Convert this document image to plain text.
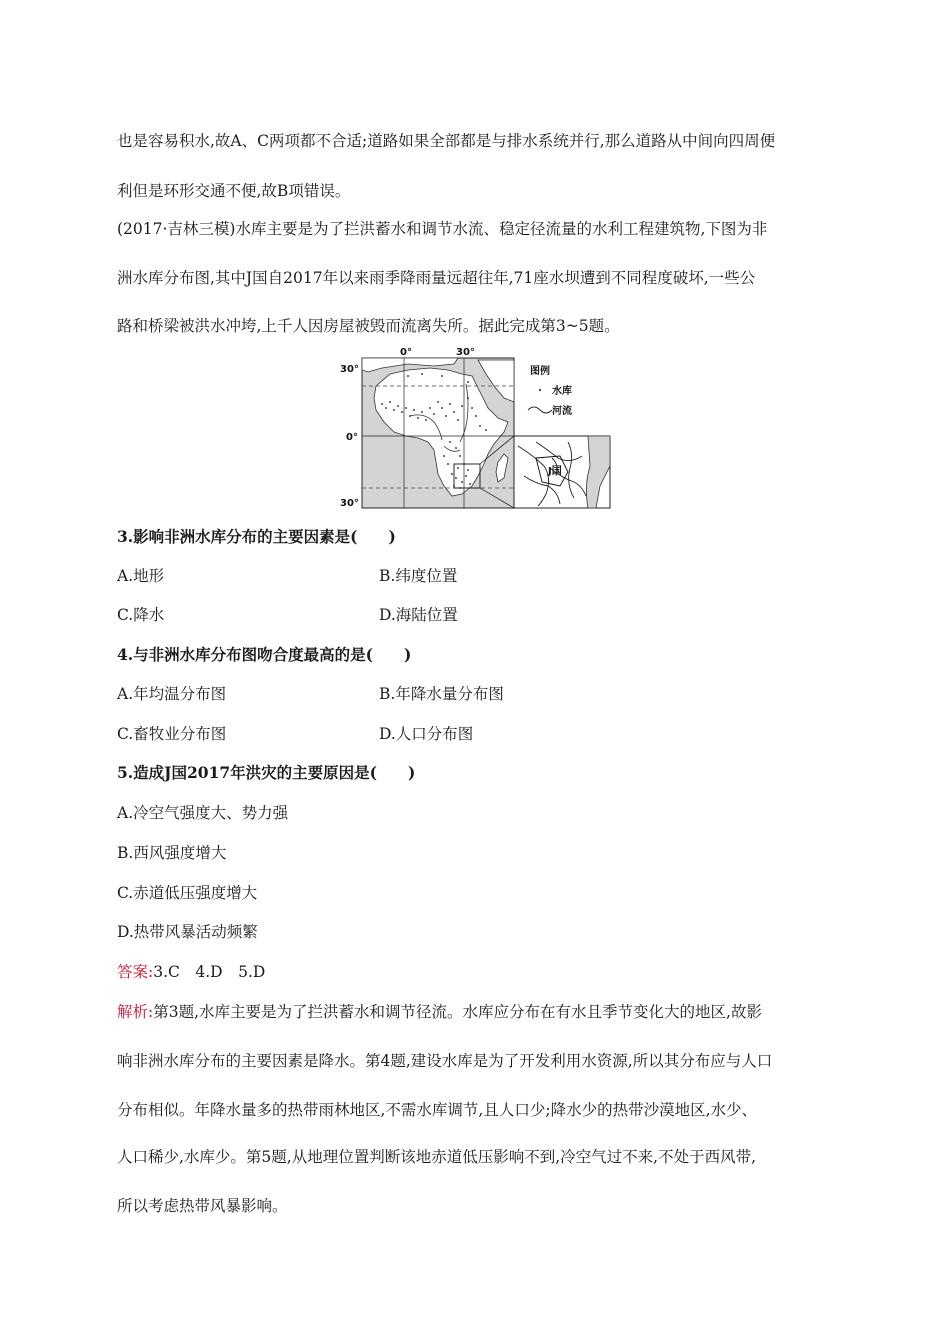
也是容易积水,故A、C两项都不合适;道路如果全部都是与排水系统并行,那么道路从中间向四周便
利但是环形交通不便,故B项错误。
(2017·吉林三模)水库主要是为了拦洪蓄水和调节水流、稳定径流量的水利工程建筑物,下图为非
洲水库分布图,其中J国自2017年以来雨季降雨量远超往年,71座水坝遭到不同程度破坏,一些公
路和桥梁被洪水冲垮,上千人因房屋被毁而流离失所。据此完成第3~5题。
J国
0°	30°
30°
0°
30°
图例
水库
河流
3.影响非洲水库分布的主要因素是(　　)
A.地形	B.纬度位置
C.降水	D.海陆位置
4.与非洲水库分布图吻合度最高的是(　　)
A.年均温分布图	B.年降水量分布图
C.畜牧业分布图	D.人口分布图
5.造成J国2017年洪灾的主要原因是(　　)
A.冷空气强度大、势力强
B.西风强度增大
C.赤道低压强度增大
D.热带风暴活动频繁
答案:3.C　4.D　5.D
解析:第3题,水库主要是为了拦洪蓄水和调节径流。水库应分布在有水且季节变化大的地区,故影
响非洲水库分布的主要因素是降水。第4题,建设水库是为了开发利用水资源,所以其分布应与人口
分布相似。年降水量多的热带雨林地区,不需水库调节,且人口少;降水少的热带沙漠地区,水少、
人口稀少,水库少。第5题,从地理位置判断该地赤道低压影响不到,冷空气过不来,不处于西风带,
所以考虑热带风暴影响。
